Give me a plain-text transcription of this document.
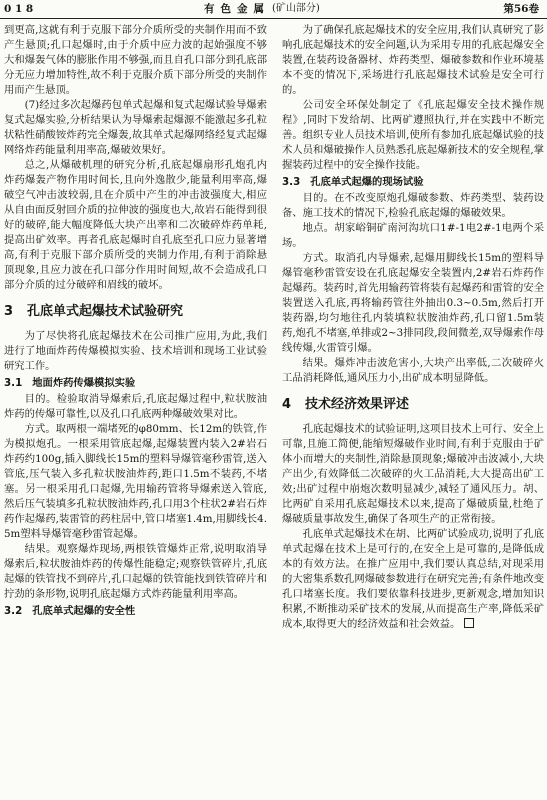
0 1 8	有色金属 (矿山部分)	第56卷

到更高,这就有利于克服下部分介质所受的夹制作用而不致产生悬顶;孔口起爆时,由于介质中应力波的起始强度不够大和爆轰气体的膨胀作用不够强,而且自孔口部分到孔底部分无应力增加特性,故不利于克服介质下部分所受的夹制作用而产生悬顶。

(7)经过多次起爆药包单式起爆和复式起爆试验导爆索复式起爆实验,分析结果认为导爆索起爆源不能激起多孔粒状粘性硝酸铵炸药完全爆轰,故其单式起爆网络经复式起爆网络炸药能量利用率高,爆破效果好。

总之,从爆破机理的研究分析,孔底起爆扇形孔炮孔内炸药爆轰产物作用时间长,且向外逸散少,能量利用率高,爆破空气冲击波较弱,且在介质中产生的冲击波强度大,相应从自由面反射回介质的拉伸波的强度也大,故岩石能得到很好的破碎,能大幅度降低大块产出率和二次破碎炸药单耗,提高出矿效率。再者孔底起爆时自孔底至孔口应力显著增高,有利于克服下部介质所受的夹制力作用,有利于消除悬顶现象,且应力波在孔口部分作用时间短,故不会造成孔口部分介质的过分破碎和眉线的破坏。

3 孔底单式起爆技术试验研究

为了尽快将孔底起爆技术在公司推广应用,为此,我们进行了地面炸药传爆模拟实验、技术培训和现场工业试验研究工作。

3.1 地面炸药传爆模拟实验

目的。检验取消导爆索后,孔底起爆过程中,粒状胺油炸药的传爆可靠性,以及孔口孔底两种爆破效果对比。

方式。取两根一端堵死的φ80mm、长12m的铁管,作为模拟炮孔。一根采用管底起爆,起爆装置内装入2#岩石炸药约100g,插入脚线长15m的塑料导爆管毫秒雷管,送入管底,压气装入多孔粒状胺油炸药,距口1.5m不装药,不堵塞。另一根采用孔口起爆,先用输药管将导爆索送入管底,然后压气装填多孔粒状胺油炸药,孔口用3个柱状2#岩石炸药作起爆药,装雷管的药柱居中,管口堵塞1.4m,用脚线长4.5m塑料导爆管毫秒雷管起爆。

结果。观察爆炸现场,两根铁管爆炸正常,说明取消导爆索后,粒状胺油炸药的传爆性能稳定;观察铁管碎片,孔底起爆的铁管找不到碎片,孔口起爆的铁管能找到铁管碎片和拧劲的条形物,说明孔底起爆方式炸药能量利用率高。

3.2 孔底单式起爆的安全性

为了确保孔底起爆技术的安全应用,我们认真研究了影响孔底起爆技术的安全问题,认为采用专用的孔底起爆安全装置,在装药设备器材、炸药类型、爆破参数和作业环境基本不变的情况下,采场进行孔底起爆技术试验是安全可行的。

公司安全环保处制定了《孔底起爆安全技术操作规程》,同时下发给胡、比两矿遵照执行,并在实践中不断完善。组织专业人员技术培训,使所有参加孔底起爆试验的技术人员和爆破操作人员熟悉孔底起爆新技术的安全规程,掌握装药过程中的安全操作技能。

3.3 孔底单式起爆的现场试验

目的。在不改变原炮孔爆破参数、炸药类型、装药设备、施工技术的情况下,检验孔底起爆的爆破效果。

地点。胡家峪铜矿南河沟坑口1#-1电2#-1电两个采场。

方式。取消孔内导爆索,起爆用脚线长15m的塑料导爆管毫秒雷管安设在孔底起爆安全装置内,2#岩石炸药作起爆药。装药时,首先用输药管将装有起爆药和雷管的安全装置送入孔底,再将输药管往外抽出0.3~0.5m,然后打开装药器,均匀地往孔内装填粒状胺油炸药,孔口留1.5m装药,炮孔不堵塞,单排或2~3排同段,段间微差,双导爆索作母线传爆,火雷管引爆。

结果。爆炸冲击波危害小,大块产出率低,二次破碎火工品消耗降低,通风压力小,出矿成本明显降低。

4 技术经济效果评述

孔底起爆技术的试验证明,这项目技术上可行、安全上可靠,且施工简便,能缩短爆破作业时间,有利于克服由于矿体小而增大的夹制性,消除悬顶现象;爆破冲击波减小,大块产出少,有效降低二次破碎的火工品消耗,大大提高出矿工效;出矿过程中崩炮次数明显减少,减轻了通风压力。胡、比两矿自采用孔底起爆技术以来,提高了爆破质量,杜绝了爆破质量事故发生,确保了各项生产的正常衔接。

孔底单式起爆技术在胡、比两矿试验成功,说明了孔底单式起爆在技术上是可行的,在安全上是可靠的,是降低成本的有效方法。在推广应用中,我们要认真总结,对现采用的大密集系数孔网爆破参数进行在研究完善;有条件地改变孔口堵塞长度。我们要依靠科技进步,更新观念,增加知识积累,不断推动采矿技术的发展,从而提高生产率,降低采矿成本,取得更大的经济效益和社会效益。
